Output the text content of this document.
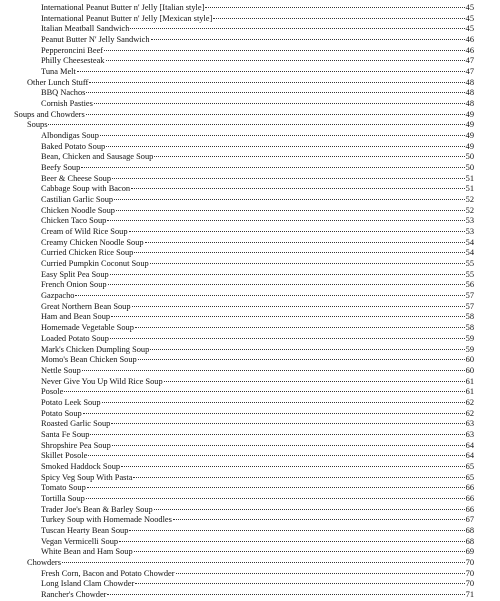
International Peanut Butter n' Jelly [Italian style]	45
International Peanut Butter n' Jelly [Mexican style]	45
Italian Meatball Sandwich	45
Peanut Butter N' Jelly Sandwich	46
Pepperoncini Beef	46
Philly Cheesesteak	47
Tuna Melt	47
Other Lunch Stuff	48
BBQ Nachos	48
Cornish Pasties	48
Soups and Chowders	49
Soups	49
Albondigas Soup	49
Baked Potato Soup	49
Bean, Chicken and Sausage Soup	50
Beefy Soup	50
Beer & Cheese Soup	51
Cabbage Soup with Bacon	51
Castilian Garlic Soup	52
Chicken Noodle Soup	52
Chicken Taco Soup	53
Cream of Wild Rice Soup	53
Creamy Chicken Noodle Soup	54
Curried Chicken Rice Soup	54
Curried Pumpkin Coconut Soup	55
Easy Split Pea Soup	55
French Onion Soup	56
Gazpacho	57
Great Northern Bean Soup	57
Ham and Bean Soup	58
Homemade Vegetable Soup	58
Loaded Potato Soup	59
Mark's Chicken Dumpling Soup	59
Momo's Bean Chicken Soup	60
Nettle Soup	60
Never Give You Up Wild Rice Soup	61
Posole	61
Potato Leek Soup	62
Potato Soup	62
Roasted Garlic Soup	63
Santa Fe Soup	63
Shropshire Pea Soup	64
Skillet Posole	64
Smoked Haddock Soup	65
Spicy Veg Soup With Pasta	65
Tomato Soup	66
Tortilla Soup	66
Trader Joe's Bean & Barley Soup	66
Turkey Soup with Homemade Noodles	67
Tuscan Hearty Bean Soup	68
Vegan Vermicelli Soup	68
White Bean and Ham Soup	69
Chowders	70
Fresh Corn, Bacon and Potato Chowder	70
Long Island Clam Chowder	70
Rancher's Chowder	71
